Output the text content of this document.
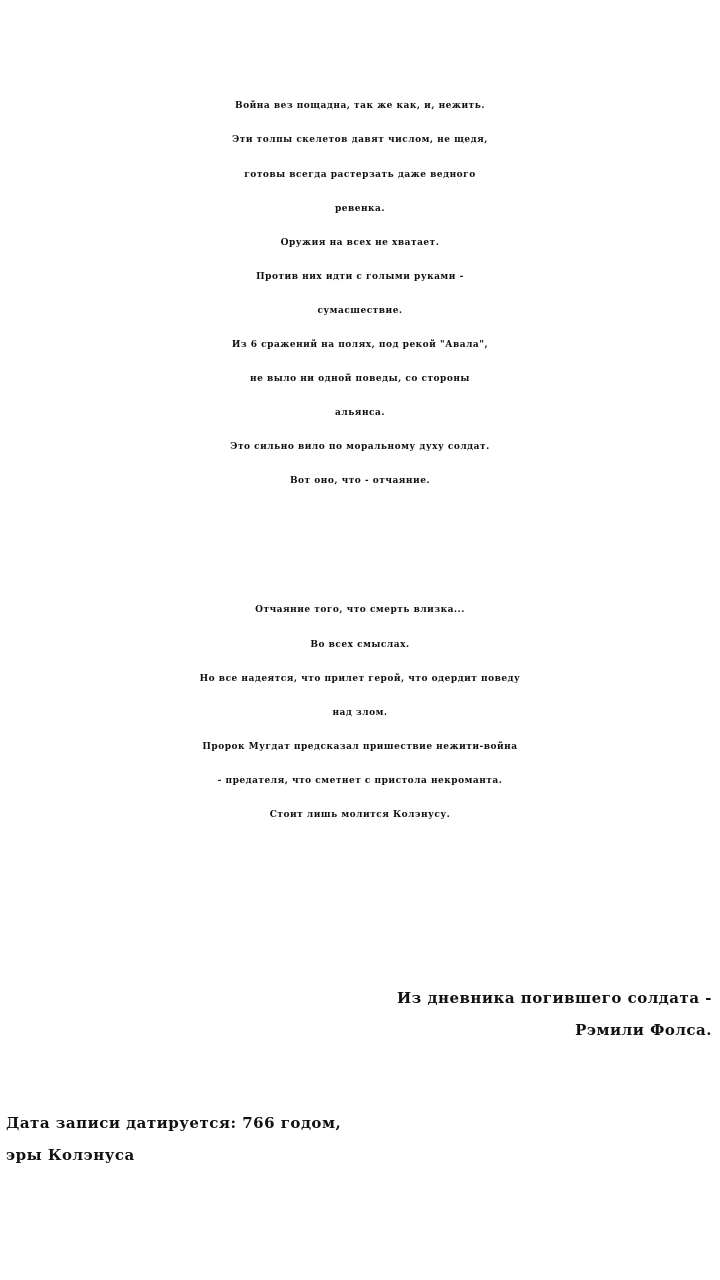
Война вез пощадна, так же как, и, нежить.
Эти толпы скелетов давят числом, не щедя,
готовы всегда растерзать даже ведного
ревенка.
Оружия на всех не хватает.
Против них идти с голыми руками -
сумасшествие.
Из 6 сражений на полях, под рекой "Авала",
не выло ни одной поведы, со стороны
альянса.
Это сильно вило по моральному духу солдат.
Вот оно, что - отчаяние.
Отчаяние того, что смерть влизка...
Во всех смыслах.
Но все надеятся, что прилет герой, что одердит поведу
над злом.
Пророк Мугдат предсказал пришествие нежити-война
- предателя, что сметнет с пристола некроманта.
Стоит лишь молится Колэнусу.
Из дневника погившего солдата -
Рэмили Фолса.
Дата записи датируется: 766 годом,
эры Колэнуса
